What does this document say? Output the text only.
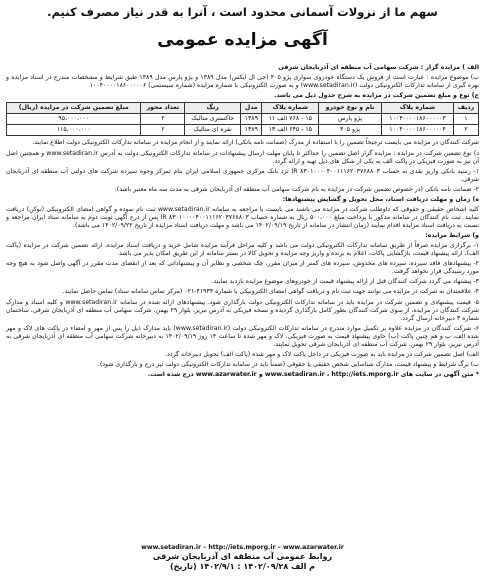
سهم ما از نزولات آسمانی محدود است ، آنرا به قدر نیاز مصرف کنیم.
آگهی مزایده عمومی

الف ) مزایده گزار : شرکت سهامی آب منطقه ای آذربایجان شرقی

ب) موضوع مزایده : عبارت است از فروش یک دستگاه خودروی سواری پژو ۴۰۵ (جی ال ایکس) مدل ۱۳۸۹ و پژو پارس مدل ۱۳۸۹ طبق شرایط و مشخصات مندرج در اسناد مزایده و بهره گیری از سامانه تدارکات الکترونیکی دولت (www.setadiran.ir) و به صورت الکترونیکی با شماره مزایده (شماره سیستمی) ۱۰۰۴۰۰۰۰۱۸۶۰۰۰۰۰۶

ج) نوع و مبلغ تضمین شرکت در مزایده به شرح جدول ذیل می باشد.

ردیف	شماره پلاک	نام و نوع خودرو	شماره پلاک	مدل	رنگ	تعداد محور	مبلغ تضمین شرکت در مزایده (ریال)
۱	۱۰۰۴۰۰۰۰۱۸۶۰۰۰۰۰۳	پژو پارس	۱۵ - ۷۶۸ الف ۱۱	۱۳۸۹	خاکستری متالیک	۲	۹۵،۰۰۰،۰۰۰
۲	۱۰۰۴۰۰۰۰۱۸۶۰۰۰۰۰۴	پژو ۴۰۵	۱۵ - ۶۴۵ الف ۱۳	۱۳۸۹	نقره ای متالیک	۲	۱۱۵،۰۰۰،۰۰۰

شرکت کنندگان در مزایده می بایست ترجیحاً تضمین را با استفاده از مدرک (ضمانت نامه بانکی) ارائه نمایند و از انجام مزایده در سامانه تدارکات الکترونیکی دولت اطلاع نمایند.

د) نوع تضمین شرکت در مزایده : مزایده گزار اصل تضمین را حداکثر تا پایان مهلت ارسال پیشنهادات در سامانه تدارکات الکترونیکی دولت به آدرس www.setadiran.ir و همچنین اصل آن نیز به صورت فیزیکی در پاکت الف به یکی از شکل های ذیل تهیه و ارائه گردد.

۱- رسید بانکی واریز نقدی به حساب IR ۸۳۰۱۰۰۰۰۴۰۰۱۱۱۶۲۰۳۷۶۸۸۰۳ نزد بانک مرکزی جمهوری اسلامی ایران بنام تمرکز وجوه سپرده شرکت های دولتی آب منطقه ای آذربایجان شرقی.

۲- ضمانت نامه بانکی (در خصوص تضمین شرکت در مزایده به نام شرکت سهامی آب منطقه ای آذربایجان شرقی به مدت سه ماه معتبر باشد).

ه) زمان و مهلت دریافت اسناد، محل تحویل و گشایش پیشنهادها:

کلیه اشخاص حقیقی و حقوقی که داوطلب شرکت در مزایده می باشند می بایست با مراجعه به سامانه www.setadiran.ir ثبت نام نموده و گواهی امضای الکترونیکی (توکن) دریافت نمایند. ثبت نام کنندگان در سامانه مذکور با پرداخت مبلغ ۵۰۰،۰۰۰ ریال به شماره حساب IR ۸۳۰۱۰۰۰۰۴۰۰۱۱۱۶۲۰۳۷۶۸۸۰۳ پس از درج آگهی نوبت دوم به سامانه ستاد ایران مراجعه و نسبت به دریافت اسناد مزایده اقدام نمایند (زمان انتشار در سامانه از تاریخ ۱۴۰۲/۰۹/۱۹ می باشد و مهلت دریافت اسناد مزایده از تاریخ ۱۴۰۲/۰۹/۲۲ می باشد).

و) شرایط مزایده:

۱- برگزاری مزایده صرفاً از طریق سامانه تدارکات الکترونیکی دولت می باشد و کلیه مراحل فرآیند مزایده شامل خرید و دریافت اسناد مزایده، ارائه تضمین شرکت در مزایده (پاکت الف)، ارائه پیشنهاد قیمت، بازگشایی پاکات، اعلام به برنده و واریز وجه مزایده و تحویل کالا در بستر سامانه از این طریق امکان پذیر می باشد.

۲- پیشنهادهای فاقد سپرده، سپرده های مخدوش، سپرده های کمتر از میزان مقرر، چک شخصی و نظایر آن و پیشنهاداتی که بعد از انقضای مدت مقرر در آگهی واصل شود به هیچ وجه مورد رسیدگی قرار نخواهد گرفت.

۳- پیشنهاد می گردد شرکت کنندگان قبل از ارائه پیشنهاد قیمت از خودروهای موضوع مزایده بازدید نمایند.

۴- علاقمندان به شرکت در مزایده می توانند جهت ثبت نام و دریافت گواهی امضای الکترونیکی با شماره ۴۱۹۳۴-۰۲۱ (مرکز تماس سامانه ستاد) تماس حاصل نمایند.

۵- قیمت پیشنهادی و تضمین شرکت در مزایده باید در سامانه تدارکات الکترونیکی دولت بارگذاری شود. پیشنهادهای ارائه شده در سامانه www.setadiran.ir و کلیه اسناد و مدارک شرکت کنندگان در مزایده، از سوی شرکت کنندگان بطور کامل بارگذاری گردیده و نسخه فیزیکی به آدرس تبریز، بلوار ۲۹ بهمن، شرکت سهامی آب منطقه ای آذربایجان شرقی، ساختمان شماره ۳ دبیرخانه ارسال گردد.

۶- شرکت کنندگان در مزایده علاوه بر تکمیل موارد مندرج در سامانه تدارکات الکترونیکی دولت (www.setadiran.ir) باید مدارک ذیل را پس از مهر و امضاء در پاکت های لاک و مهر شده الف، ب و هم چنین پاکت (ب) حاوی پیشنهاد قیمت به صورت فیزیکی، لاک و مهر شده تا ساعت ۱۴ روز ۱۴۰۲/۰۹/۱۹ به دبیرخانه شرکت سهامی آب منطقه ای آذربایجان شرقی به آدرس تبریز، بلوار ۲۹ بهمن، شرکت آب منطقه ای آذربایجان شرقی تحویل نمایند.

الف) اصل تضمین شرکت در مزایده باید به صورت فیزیکی در داخل پاکت لاک و مهر شده (پاکت الف) تحویل دبیرخانه گردد.

ب) برگ شرایط و پیشنهاد قیمت، مدارک شناسایی شخص حقیقی یا حقوقی (ضمناً باید در سامانه تدارکات الکترونیکی دولت نیز درج و بارگذاری شود).

* متن آگهی در سایت های www.setadiran.ir ، http://iets.mporg.ir و www.azarwater.ir درج شده است.

www.setadiran.ir – http://iets.mporg.ir – www.azarwater.ir
روابط عمومی آب منطقه ای آذربایجان شرقی
م الف ۱۴۰۲/۰۹/۲۸ : ۱۴۰۲/۹/۱ (تاریخ)
